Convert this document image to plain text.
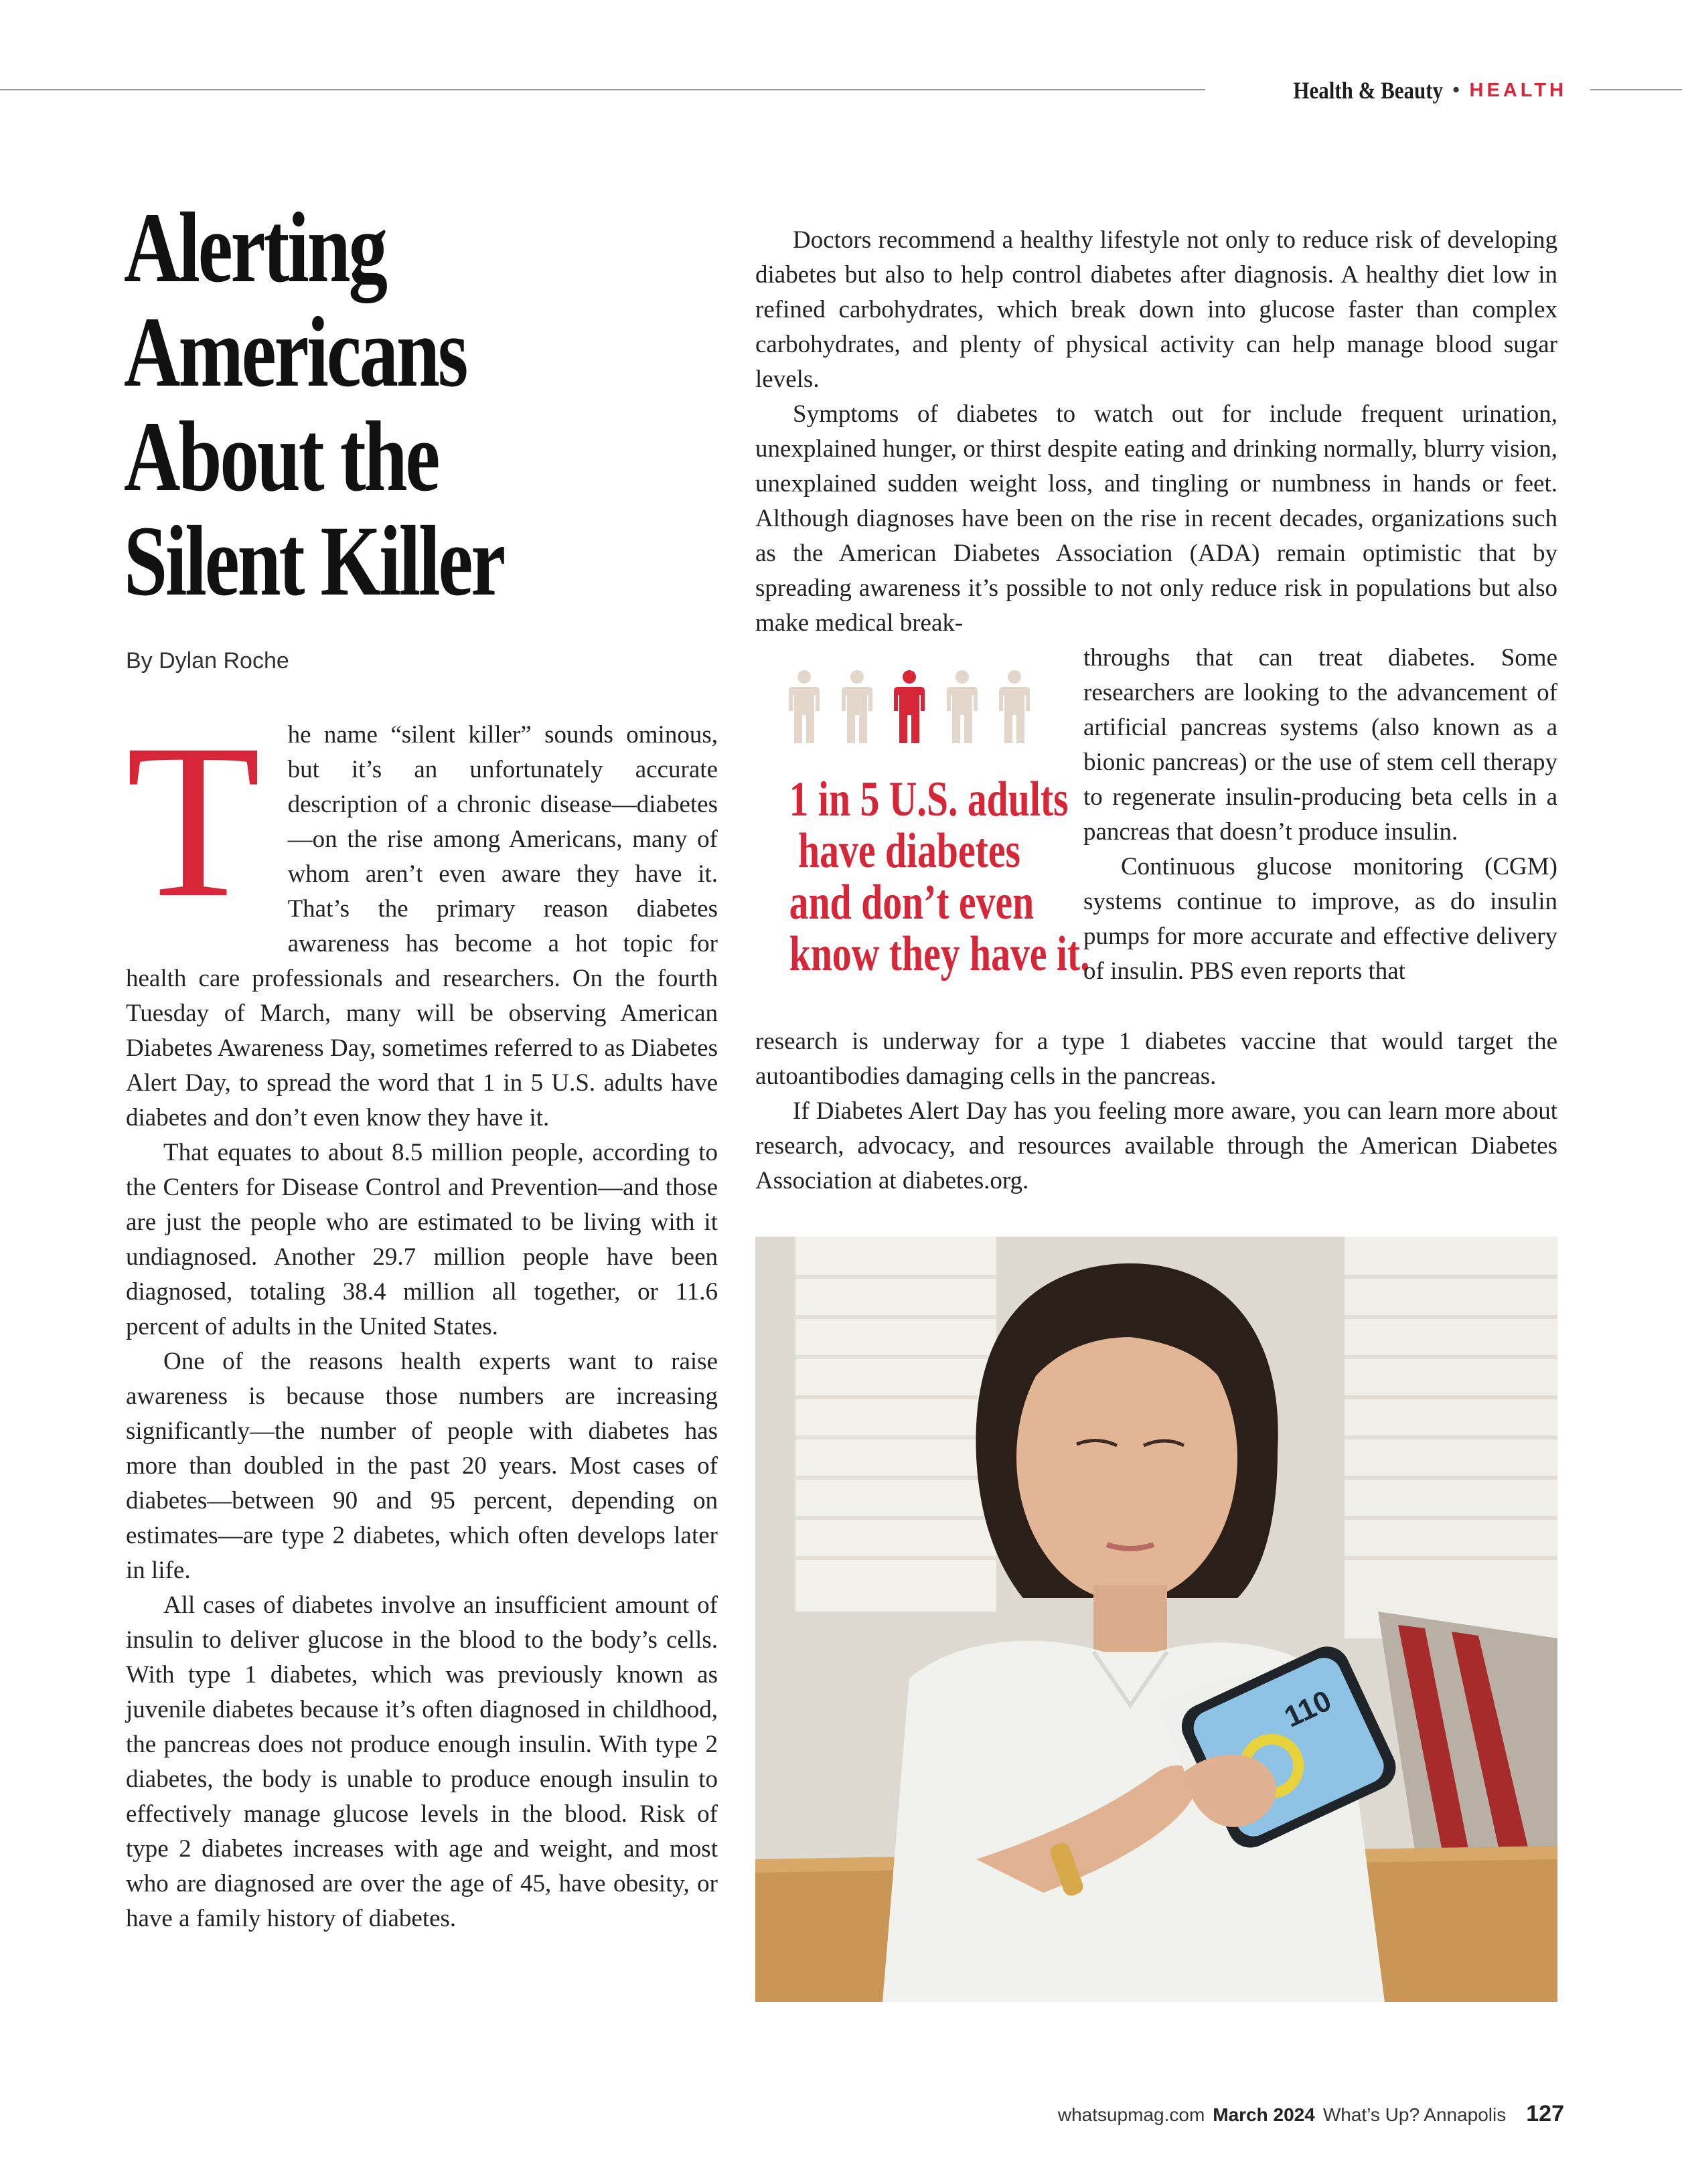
Health & Beauty • HEALTH
Alerting
Americans
About the
Silent Killer
By Dylan Roche
T	he name “silent killer” sounds ominous, but it’s an unfortunately accurate description of a chronic disease—diabetes—on the rise among Americans, many of whom aren’t even aware they have it. That’s the primary reason diabetes awareness has become a hot topic for health care professionals and researchers. On the fourth Tuesday of March, many will be observing American Diabetes Awareness Day, sometimes referred to as Diabetes Alert Day, to spread the word that 1 in 5 U.S. adults have diabetes and don’t even know they have it.

That equates to about 8.5 million people, according to the Centers for Disease Control and Prevention—and those are just the people who are estimated to be living with it undiagnosed. Another 29.7 million people have been diagnosed, totaling 38.4 million all together, or 11.6 percent of adults in the United States.

One of the reasons health experts want to raise awareness is because those numbers are increasing significantly—the number of people with diabetes has more than doubled in the past 20 years. Most cases of diabetes—between 90 and 95 percent, depending on estimates—are type 2 diabetes, which often develops later in life.

All cases of diabetes involve an insufficient amount of insulin to deliver glucose in the blood to the body’s cells. With type 1 diabetes, which was previously known as juvenile diabetes because it’s often diagnosed in childhood, the pancreas does not produce enough insulin. With type 2 diabetes, the body is unable to produce enough insulin to effectively manage glucose levels in the blood. Risk of type 2 diabetes increases with age and weight, and most who are diagnosed are over the age of 45, have obesity, or have a family history of diabetes.

Doctors recommend a healthy lifestyle not only to reduce risk of developing diabetes but also to help control diabetes after diagnosis. A healthy diet low in refined carbohydrates, which break down into glucose faster than complex carbohydrates, and plenty of physical activity can help manage blood sugar levels.

Symptoms of diabetes to watch out for include frequent urination, unexplained hunger, or thirst despite eating and drinking normally, blurry vision, unexplained sudden weight loss, and tingling or numbness in hands or feet. Although diagnoses have been on the rise in recent decades, organizations such as the American Diabetes Association (ADA) remain optimistic that by spreading awareness it’s possible to not only reduce risk in populations but also make medical break-

1 in 5 U.S. adults
have diabetes
and don’t even
know they have it.

throughs that can treat diabetes. Some researchers are looking to the advancement of artificial pancreas systems (also known as a bionic pancreas) or the use of stem cell therapy to regenerate insulin-producing beta cells in a pancreas that doesn’t produce insulin.

Continuous glucose monitoring (CGM) systems continue to improve, as do insulin pumps for more accurate and effective delivery of insulin. PBS even reports that

research is underway for a type 1 diabetes vaccine that would target the autoantibodies damaging cells in the pancreas.

If Diabetes Alert Day has you feeling more aware, you can learn more about research, advocacy, and resources available through the American Diabetes Association at diabetes.org.

110
whatsupmag.com March 2024 What’s Up? Annapolis 127
